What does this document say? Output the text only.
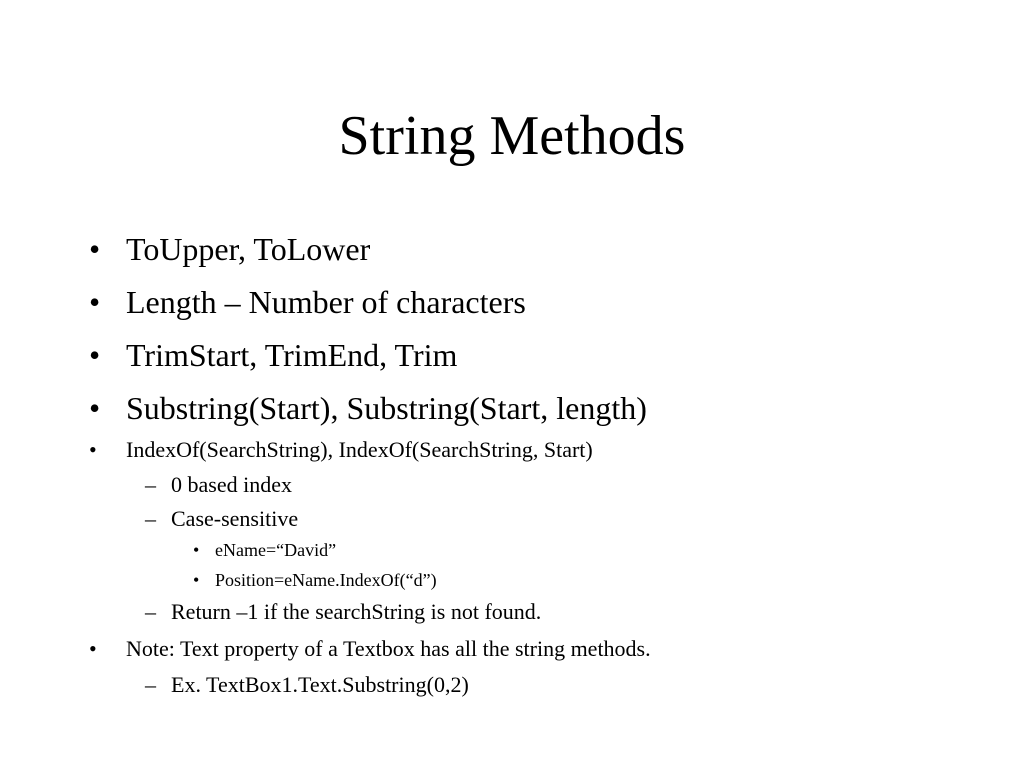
String Methods
• ToUpper, ToLower
• Length – Number of characters
• TrimStart, TrimEnd, Trim
• Substring(Start), Substring(Start, length)
• IndexOf(SearchString), IndexOf(SearchString, Start)
– 0 based index
– Case-sensitive
• eName=“David”
• Position=eName.IndexOf(“d”)
– Return –1 if the searchString is not found.
• Note: Text property of a Textbox has all the string methods.
– Ex. TextBox1.Text.Substring(0,2)
